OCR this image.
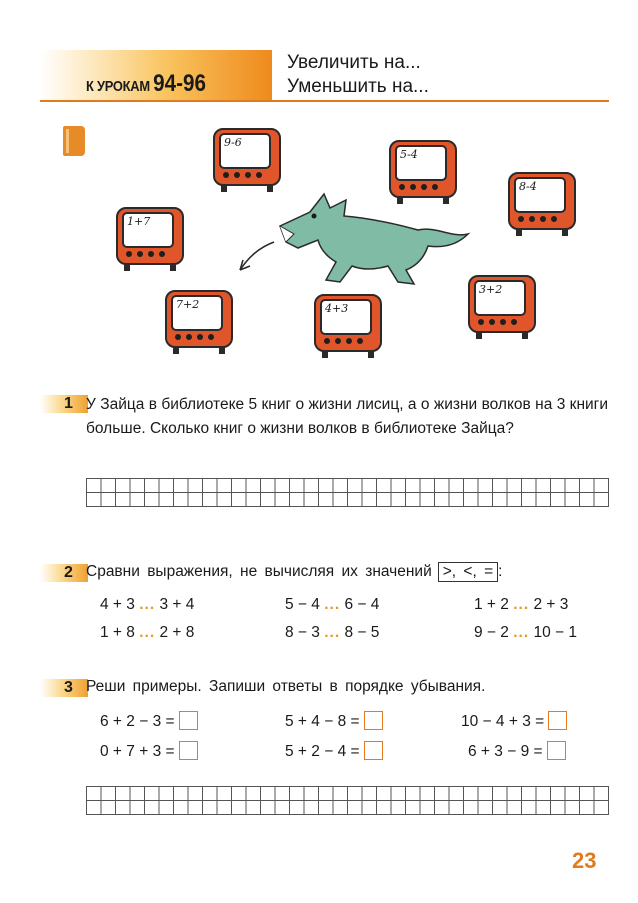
К УРОКАМ 94-96
Увеличить на...
Уменьшить на...
9-6
5-4
1+7
8-4
3+2
7+2	4+3
1 У Зайца в библиотеке 5 книг о жизни лисиц, а о жизни волков на 3 книги больше. Сколько книг о жизни волков в библиотеке Зайца?
2 Сравни выражения, не вычисляя их значений >, <, = :
4 + 3 ... 3 + 4	5 − 4 ... 6 − 4	1 + 2 ... 2 + 3
1 + 8 ... 2 + 8	8 − 3 ... 8 − 5	9 − 2 ... 10 − 1
3 Реши примеры. Запиши ответы в порядке убывания.
6 + 2 − 3 =	5 + 4 − 8 =	10 − 4 + 3 =
0 + 7 + 3 =	5 + 2 − 4 =	6 + 3 − 9 =
23
